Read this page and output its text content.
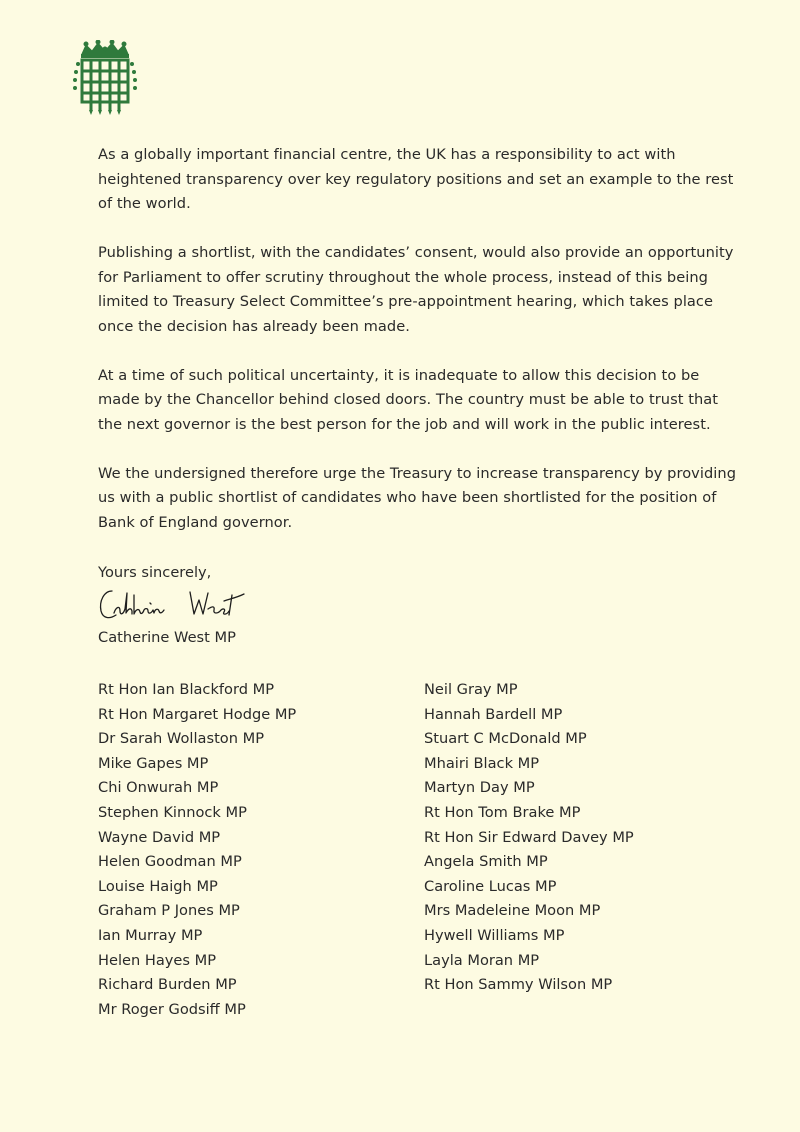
As a globally important financial centre, the UK has a responsibility to act with heightened transparency over key regulatory positions and set an example to the rest of the world.

Publishing a shortlist, with the candidates’ consent, would also provide an opportunity for Parliament to offer scrutiny throughout the whole process, instead of this being limited to Treasury Select Committee’s pre-appointment hearing, which takes place once the decision has already been made.

At a time of such political uncertainty, it is inadequate to allow this decision to be made by the Chancellor behind closed doors. The country must be able to trust that the next governor is the best person for the job and will work in the public interest.

We the undersigned therefore urge the Treasury to increase transparency by providing us with a public shortlist of candidates who have been shortlisted for the position of Bank of England governor.

Yours sincerely,
Catherine West MP
Rt Hon Ian Blackford MP
Rt Hon Margaret Hodge MP
Dr Sarah Wollaston MP
Mike Gapes MP
Chi Onwurah MP
Stephen Kinnock MP
Wayne David MP
Helen Goodman MP
Louise Haigh MP
Graham P Jones MP
Ian Murray MP
Helen Hayes MP
Richard Burden MP
Mr Roger Godsiff MP
Neil Gray MP
Hannah Bardell MP
Stuart C McDonald MP
Mhairi Black MP
Martyn Day MP
Rt Hon Tom Brake MP
Rt Hon Sir Edward Davey MP
Angela Smith MP
Caroline Lucas MP
Mrs Madeleine Moon MP
Hywell Williams MP
Layla Moran MP
Rt Hon Sammy Wilson MP
